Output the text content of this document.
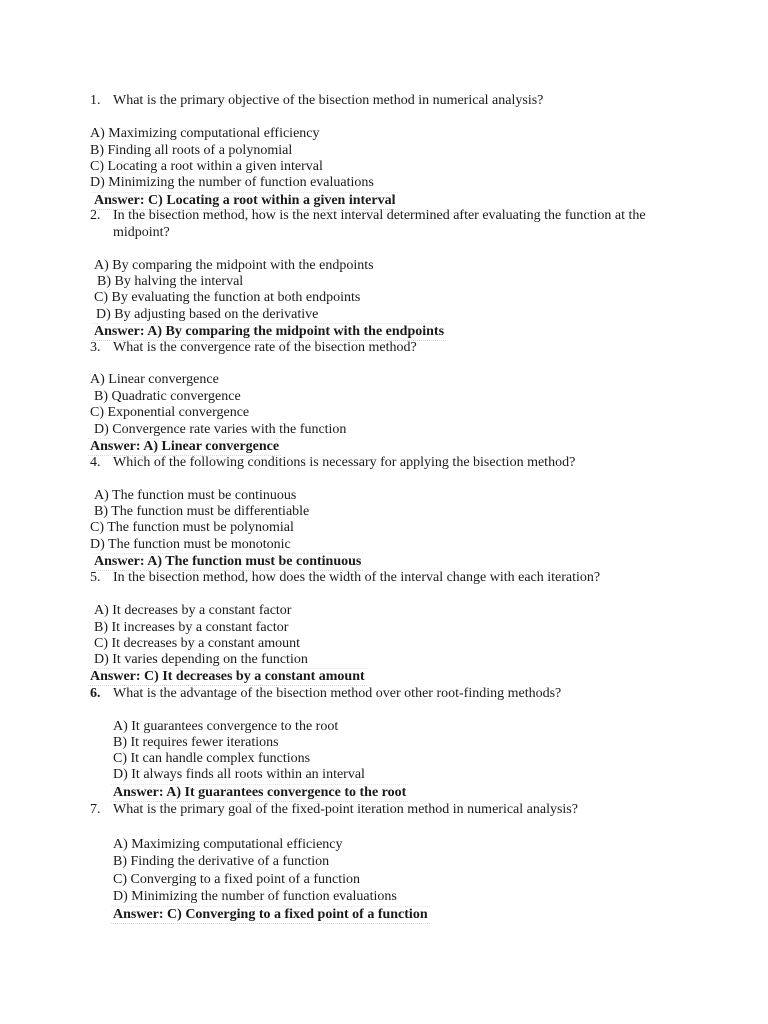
1. What is the primary objective of the bisection method in numerical analysis?
A) Maximizing computational efficiency
B) Finding all roots of a polynomial
C) Locating a root within a given interval
D) Minimizing the number of function evaluations
Answer: C) Locating a root within a given interval
2. In the bisection method, how is the next interval determined after evaluating the function at the
midpoint?
A) By comparing the midpoint with the endpoints
B) By halving the interval
C) By evaluating the function at both endpoints
D) By adjusting based on the derivative
Answer: A) By comparing the midpoint with the endpoints
3. What is the convergence rate of the bisection method?
A) Linear convergence
B) Quadratic convergence
C) Exponential convergence
D) Convergence rate varies with the function
Answer: A) Linear convergence
4. Which of the following conditions is necessary for applying the bisection method?
A) The function must be continuous
B) The function must be differentiable
C) The function must be polynomial
D) The function must be monotonic
Answer: A) The function must be continuous
5. In the bisection method, how does the width of the interval change with each iteration?
A) It decreases by a constant factor
B) It increases by a constant factor
C) It decreases by a constant amount
D) It varies depending on the function
Answer: C) It decreases by a constant amount
6. What is the advantage of the bisection method over other root-finding methods?
A) It guarantees convergence to the root
B) It requires fewer iterations
C) It can handle complex functions
D) It always finds all roots within an interval
Answer: A) It guarantees convergence to the root
7. What is the primary goal of the fixed-point iteration method in numerical analysis?
A) Maximizing computational efficiency
B) Finding the derivative of a function
C) Converging to a fixed point of a function
D) Minimizing the number of function evaluations
Answer: C) Converging to a fixed point of a function
